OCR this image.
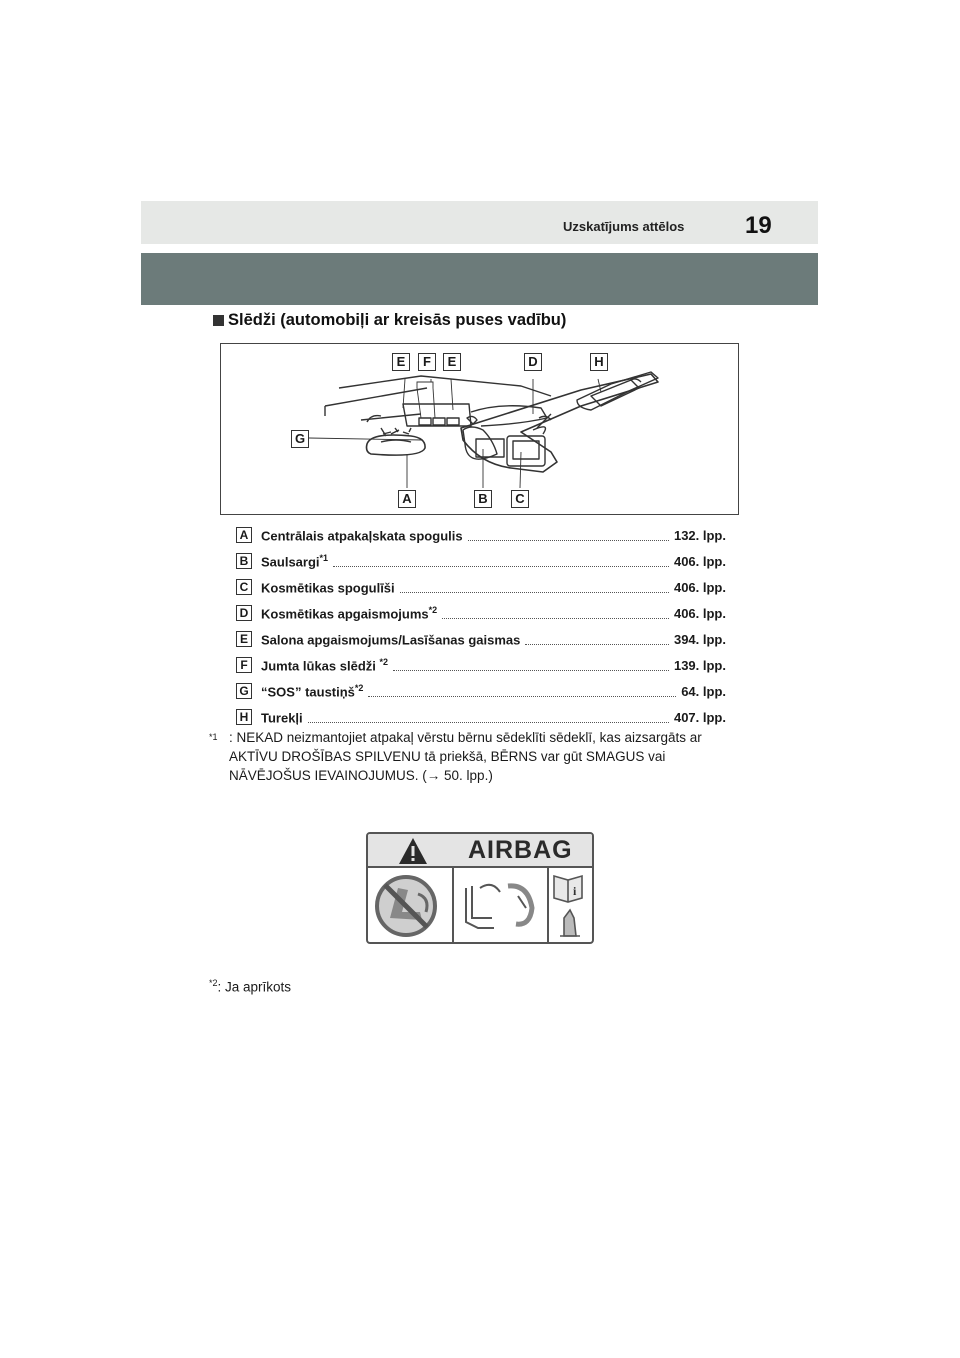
Uzskatījums attēlos	19
Slēdži (automobiļi ar kreisās puses vadību)
E	F	E	D	H
G
A	B	C
A Centrālais atpakaļskata spogulis	132. lpp.
B Saulsargi$^{*1}$	406. lpp.
C Kosmētikas spogulīši	406. lpp.
D Kosmētikas apgaismojums$^{*2}$	406. lpp.
E	Salona apgaismojums/Lasīšanas gaismas	394. lpp.
F	Jumta lūkas slēdži $^{*2}$	139. lpp.
G “SOS” taustiņš$^{*2}$	64. lpp.
H Turekļi	407. lpp.
*1 : NEKAD neizmantojiet atpakaļ vērstu bērnu sēdeklīti sēdeklī, kas aizsargāts ar AKTĪVU DROŠĪBAS SPILVENU tā priekšā, BĒRNS var gūt SMAGUS vai NĀVĒJOŠUS IEVAINOJUMUS. (→ 50. lpp.)
AIRBAG
i
$^{*2}$: Ja aprīkots
